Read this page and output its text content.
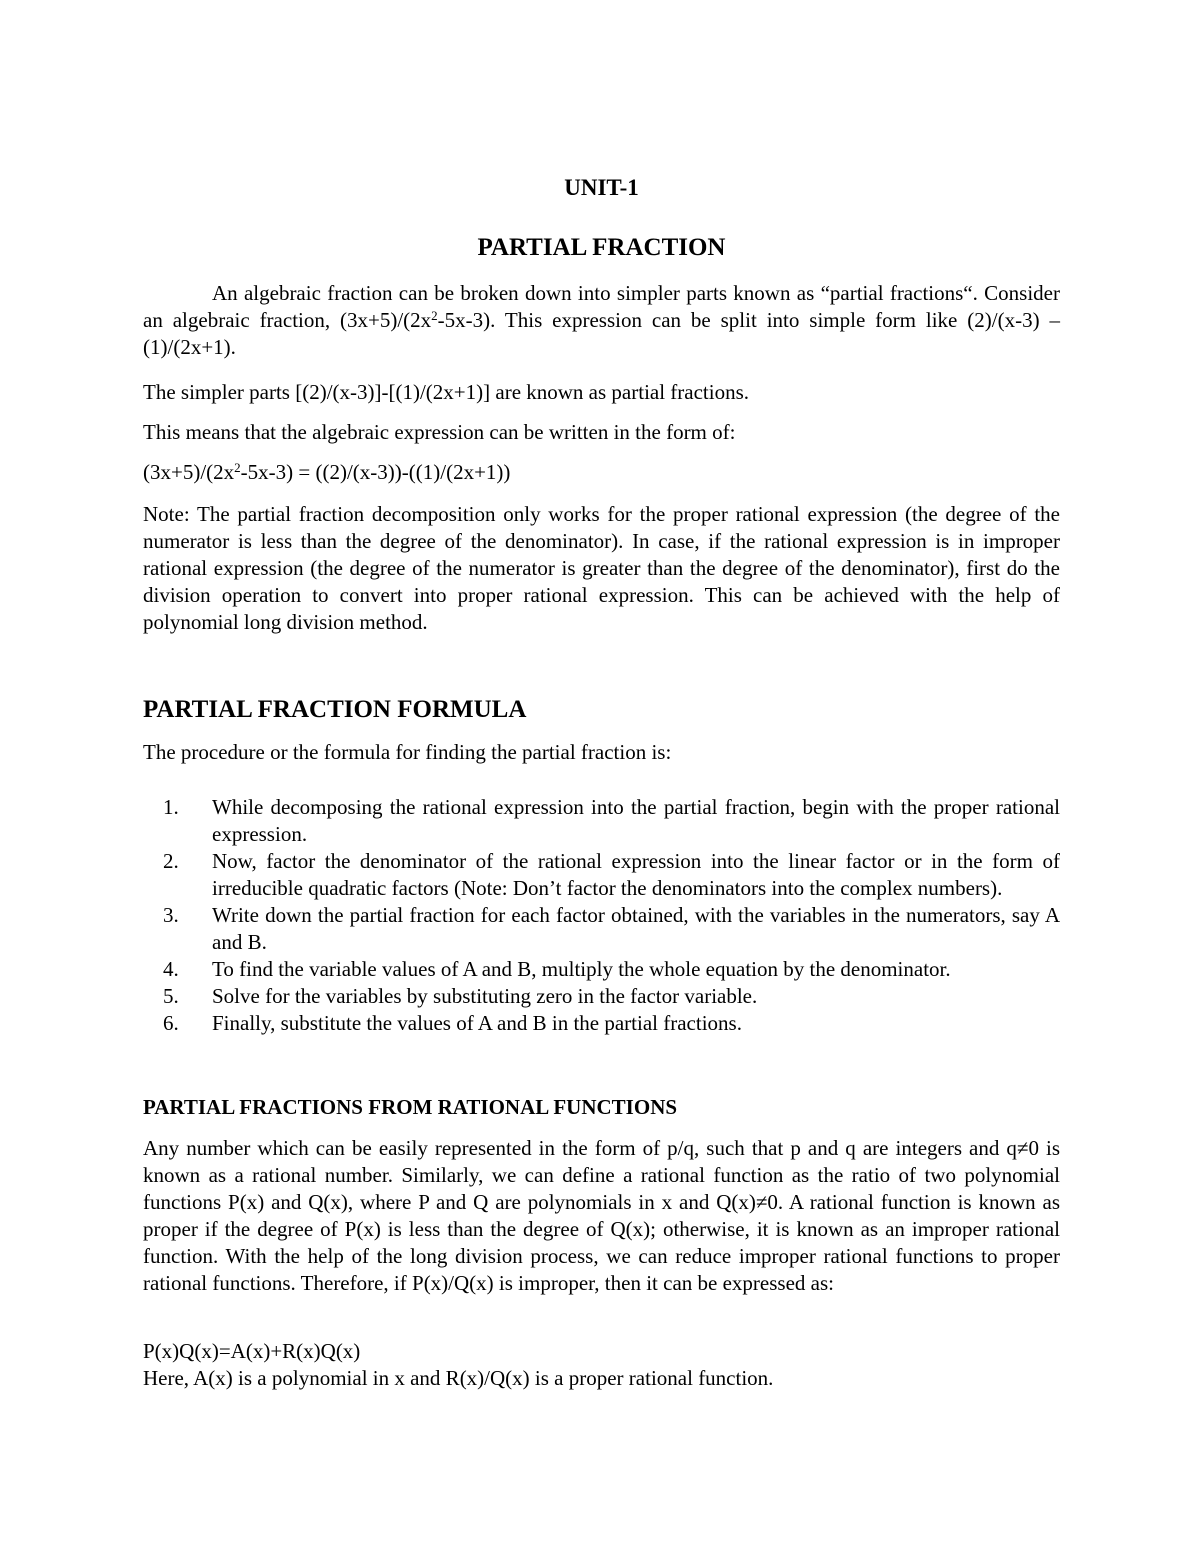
UNIT-1
PARTIAL FRACTION

An algebraic fraction can be broken down into simpler parts known as “partial fractions“. Consider an algebraic fraction, $(3x+5)/(2x^2-5x-3)$. This expression can be split into simple form like (2)/(x-3) – (1)/(2x+1).

The simpler parts [(2)/(x-3)]-[(1)/(2x+1)] are known as partial fractions.

This means that the algebraic expression can be written in the form of:

$(3x+5)/(2x^2-5x-3) = ((2)/(x-3))-((1)/(2x+1))$

Note: The partial fraction decomposition only works for the proper rational expression (the degree of the numerator is less than the degree of the denominator). In case, if the rational expression is in improper rational expression (the degree of the numerator is greater than the degree of the denominator), first do the division operation to convert into proper rational expression. This can be achieved with the help of polynomial long division method.

PARTIAL FRACTION FORMULA

The procedure or the formula for finding the partial fraction is:

1. While decomposing the rational expression into the partial fraction, begin with the proper rational expression.
2. Now, factor the denominator of the rational expression into the linear factor or in the form of irreducible quadratic factors (Note: Don’t factor the denominators into the complex numbers).
3. Write down the partial fraction for each factor obtained, with the variables in the numerators, say A and B.
4. To find the variable values of A and B, multiply the whole equation by the denominator.
5. Solve for the variables by substituting zero in the factor variable.
6. Finally, substitute the values of A and B in the partial fractions.
PARTIAL FRACTIONS FROM RATIONAL FUNCTIONS

Any number which can be easily represented in the form of p/q, such that p and q are integers and q≠0 is known as a rational number. Similarly, we can define a rational function as the ratio of two polynomial functions P(x) and Q(x), where P and Q are polynomials in x and Q(x)≠0. A rational function is known as proper if the degree of P(x) is less than the degree of Q(x); otherwise, it is known as an improper rational function. With the help of the long division process, we can reduce improper rational functions to proper rational functions. Therefore, if P(x)/Q(x) is improper, then it can be expressed as:

P(x)Q(x)=A(x)+R(x)Q(x)

Here, A(x) is a polynomial in x and R(x)/Q(x) is a proper rational function.
